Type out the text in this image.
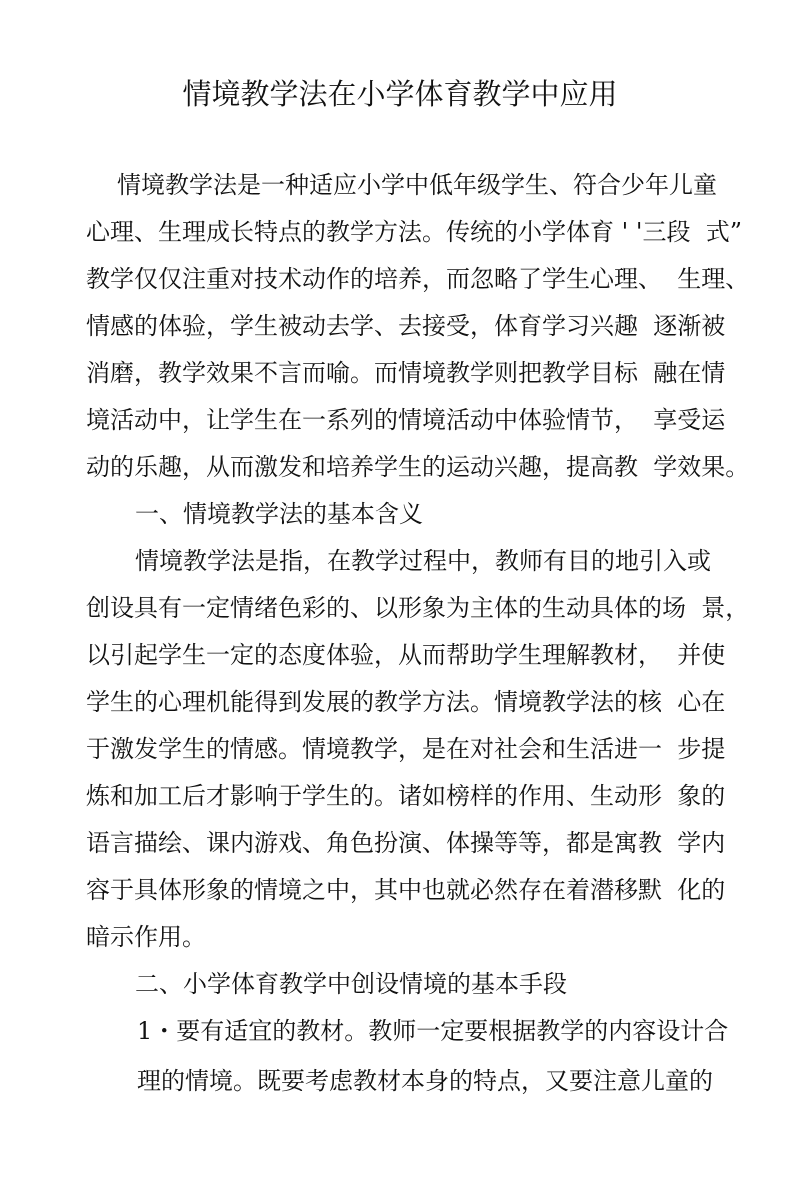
情境教学法在小学体育教学中应用

情境教学法是一种适应小学中低年级学生、符合少年儿童

心理、生理成长特点的教学方法。传统的小学体育 ' '三段  式”

教学仅仅注重对技术动作的培养，而忽略了学生心理、  生理、

情感的体验，学生被动去学、去接受，体育学习兴趣  逐渐被

消磨，教学效果不言而喻。而情境教学则把教学目标  融在情

境活动中，让学生在一系列的情境活动中体验情节，  享受运

动的乐趣，从而激发和培养学生的运动兴趣，提高教  学效果。

一、情境教学法的基本含义

情境教学法是指，在教学过程中，教师有目的地引入或

创设具有一定情绪色彩的、以形象为主体的生动具体的场  景，

以引起学生一定的态度体验，从而帮助学生理解教材，  并使

学生的心理机能得到发展的教学方法。情境教学法的核  心在

于激发学生的情感。情境教学，是在对社会和生活进一  步提

炼和加工后才影响于学生的。诸如榜样的作用、生动形  象的

语言描绘、课内游戏、角色扮演、体操等等，都是寓教  学内

容于具体形象的情境之中，其中也就必然存在着潜移默  化的

暗示作用。

二、小学体育教学中创设情境的基本手段

1・要有适宜的教材。教师一定要根据教学的内容设计合

理的情境。既要考虑教材本身的特点，又要注意儿童的
